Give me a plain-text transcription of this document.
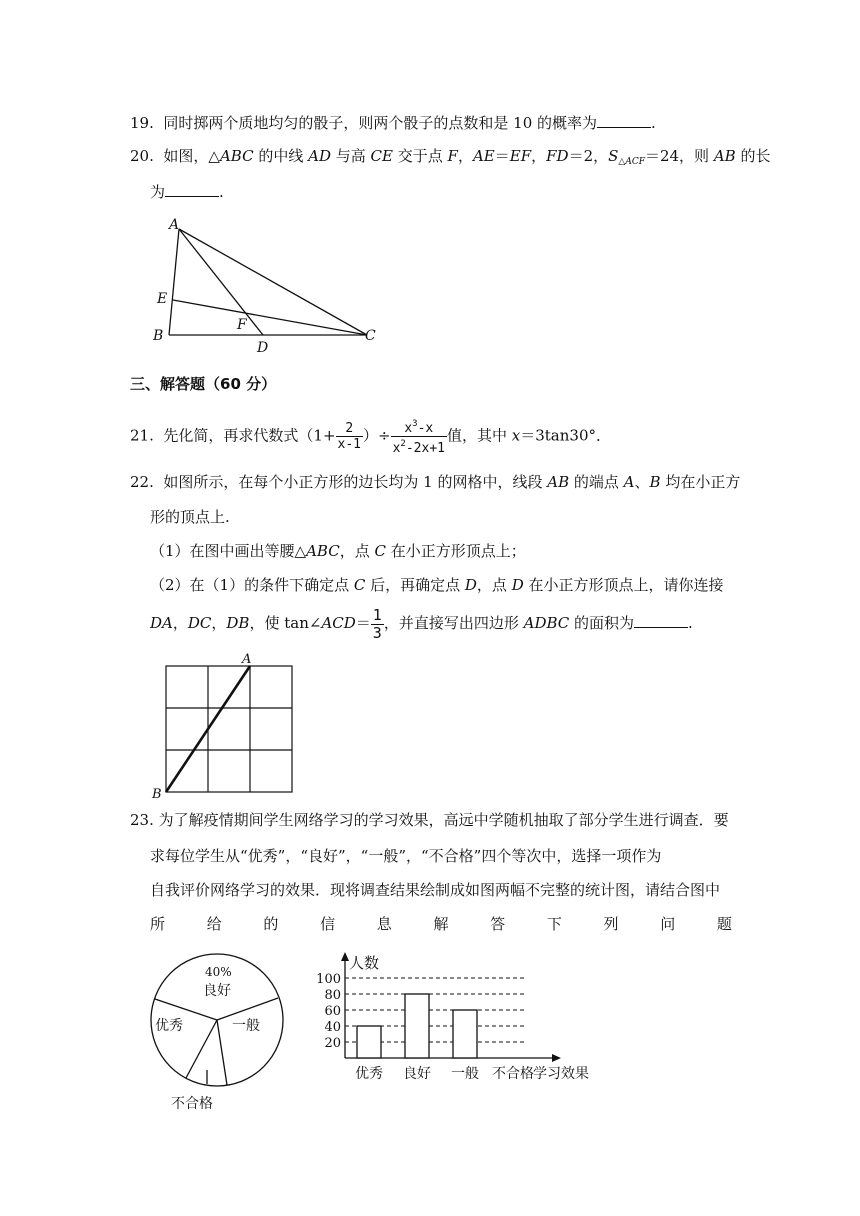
19. 同时掷两个质地均匀的骰子，则两个骰子的点数和是 10 的概率为	.
20. 如图，△ABC 的中线 AD 与高 CE 交于点 F，AE＝EF，FD＝2，$S_{\triangle ACF}=24$，则 AB 的长
为	.
A
E
B
F
D
C
三、解答题（60 分）
21. 先化简，再求代数式（$1+ \frac{2}{x-1}$ ）÷ $\frac{x^3-x}{x^2-2x+1}$ 值，其中 x＝3tan30°．
22. 如图所示，在每个小正方形的边长均为 1 的网格中，线段 AB 的端点 A、B 均在小正方
形的顶点上.
（1）在图中画出等腰△ABC，点 C 在小正方形顶点上；
（2）在（1）的条件下确定点 C 后，再确定点 D，点 D 在小正方形顶点上，请你连接
DA，DC，DB，使 tan∠ACD＝ $\frac{1}{3}$ ，并直接写出四边形 ADBC 的面积为	.
A
B
23. 为了解疫情期间学生网络学习的学习效果，高远中学随机抽取了部分学生进行调查．要
求每位学生从“优秀”，“良好”，“一般”，“不合格”四个等次中，选择一项作为
自我评价网络学习的效果．现将调查结果绘制成如图两幅不完整的统计图，请结合图中
所	给	的	信	息	解	答	下	列	问	题
40%
良好
一般
优秀
不合格
20
40
60
80
100
优秀 良好 一般 不合格
人数
学习效果
